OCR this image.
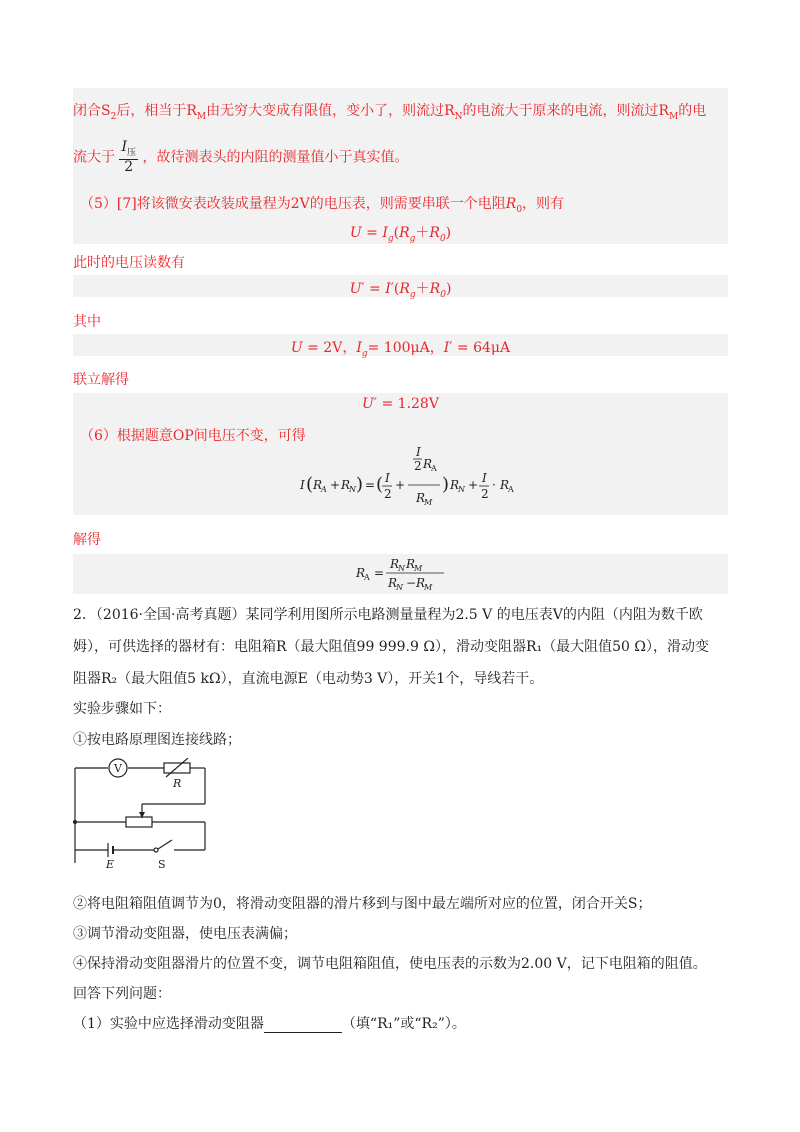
闭合$S_2$后，相当于$R_M$由无穷大变成有限值，变小了，则流过$R_N$的电流大于原来的电流，则流过$R_M$的电
流大于 $\frac{I_压}{2}$ ，故待测表头的内阻的测量值小于真实值。
（5）[7]将该微安表改装成量程为2V的电压表，则需要串联一个电阻$R_0$，则有
$U = I_g(R_g+R_0)$
此时的电压读数有
$U' = I'(R_g+R_0)$
其中
U = 2V，$I_g= 100\mu A$，I′ = 64μA
联立解得
U′ = 1.28V
（6）根据题意OP间电压不变，可得
I ( R
A + R
N ) = ( I
2
+
I
2 R
A
R
M
) R
N + I
2
· R
A
解得
R
A =
R
N R
M
R
N − R
M
2．（2016·全国·高考真题）某同学利用图所示电路测量量程为2.5 V 的电压表V的内阻（内阻为数千欧
姆），可供选择的器材有：电阻箱R（最大阻值99 999.9 Ω），滑动变阻器R₁（最大阻值50 Ω），滑动变
阻器R₂（最大阻值5 kΩ），直流电源E（电动势3 V），开关1个，导线若干。
实验步骤如下：
①按电路原理图连接线路；
V
R
E	S
②将电阻箱阻值调节为0，将滑动变阻器的滑片移到与图中最左端所对应的位置，闭合开关S；
③调节滑动变阻器，使电压表满偏；
④保持滑动变阻器滑片的位置不变，调节电阻箱阻值，使电压表的示数为2.00 V，记下电阻箱的阻值。
回答下列问题：
（1）实验中应选择滑动变阻器	（填“R₁”或“R₂”）。
